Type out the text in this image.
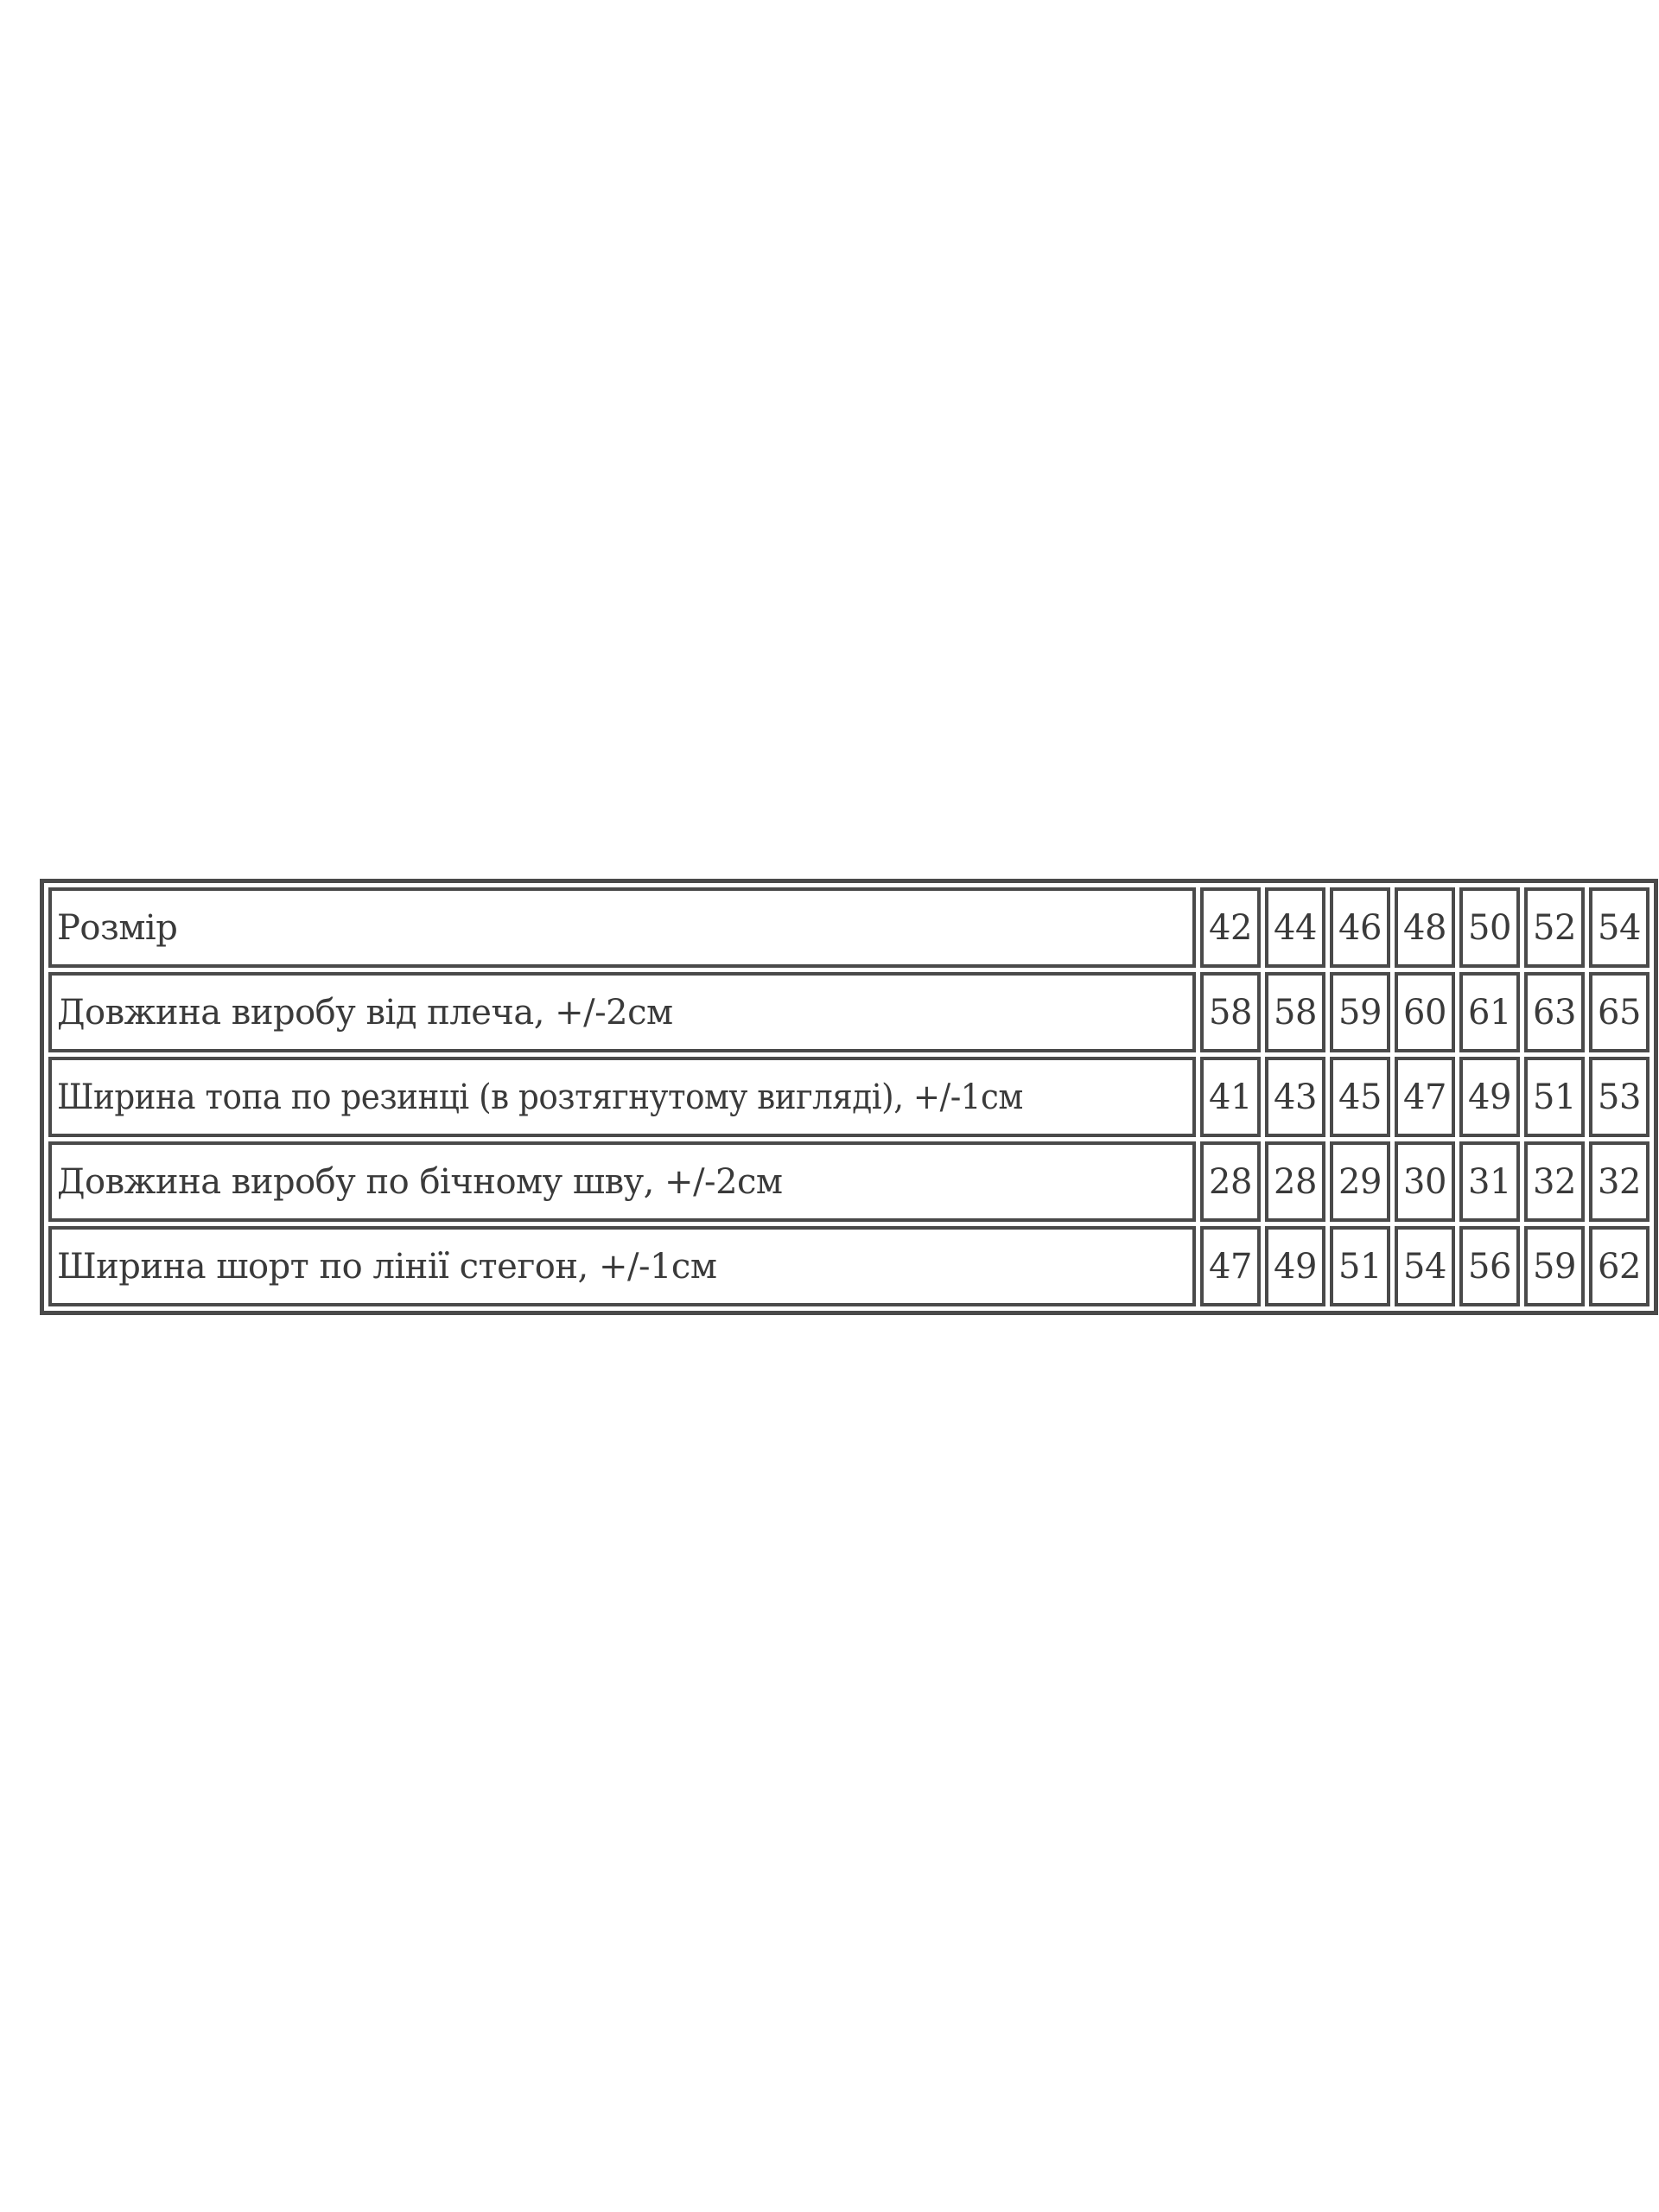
Розмір	42	44	46	48	50	52	54
Довжина виробу від плеча, +/-2см	58	58	59	60	61	63	65
Ширина топа по резинці (в розтягнутому вигляді), +/-1см	41	43	45	47	49	51	53
Довжина виробу по бічному шву, +/-2см	28	28	29	30	31	32	32
Ширина шорт по лінії стегон, +/-1см	47	49	51	54	56	59	62
